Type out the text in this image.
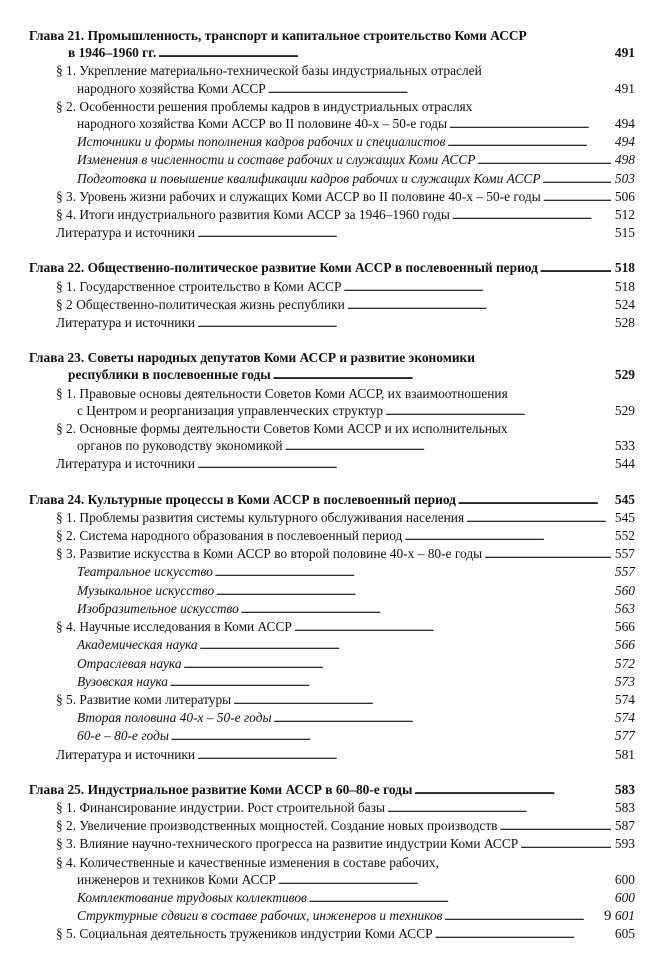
Глава 21. Промышленность, транспорт и капитальное строительство Коми АССР
в 1946–1960 гг. . . .	491
§ 1. Укрепление материально-технической базы индустриальных отраслей
народного хозяйства Коми АССР . . .	491
§ 2. Особенности решения проблемы кадров в индустриальных отраслях
народного хозяйства Коми АССР во II половине 40-х – 50-е годы . . .	494
Источники и формы пополнения кадров рабочих и специалистов . . .	494
Изменения в численности и составе рабочих и служащих Коми АССР . . .	498
Подготовка и повышение квалификации кадров рабочих и служащих Коми АССР . . .	503
§ 3. Уровень жизни рабочих и служащих Коми АССР во II половине 40-х – 50-е годы . . .	506
§ 4. Итоги индустриального развития Коми АССР за 1946–1960 годы . . .	512
Литература и источники . . .	515
Глава 22. Общественно-политическое развитие Коми АССР в послевоенный период . . .	518
§ 1. Государственное строительство в Коми АССР . . .	518
§ 2 Общественно-политическая жизнь республики . . .	524
Литература и источники . . .	528
Глава 23. Советы народных депутатов Коми АССР и развитие экономики
республики в послевоенные годы . . .	529
§ 1. Правовые основы деятельности Советов Коми АССР, их взаимоотношения
с Центром и реорганизация управленческих структур . . .	529
§ 2. Основные формы деятельности Советов Коми АССР и их исполнительных
органов по руководству экономикой . . .	533
Литература и источники . . .	544
Глава 24. Культурные процессы в Коми АССР в послевоенный период . . .	545
§ 1. Проблемы развития системы культурного обслуживания населения . . .	545
§ 2. Система народного образования в послевоенный период . . .	552
§ 3. Развитие искусства в Коми АССР во второй половине 40-х – 80-е годы . . .	557
Театральное искусство . . .	557
Музыкальное искусство . . .	560
Изобразительное искусство . . .	563
§ 4. Научные исследования в Коми АССР . . .	566
Академическая наука . . .	566
Отраслевая наука . . .	572
Вузовская наука . . .	573
§ 5. Развитие коми литературы . . .	574
Вторая половина 40-х – 50-е годы . . .	574
60-е – 80-е годы . . .	577
Литература и источники . . .	581
Глава 25. Индустриальное развитие Коми АССР в 60–80-е годы . . .	583
§ 1. Финансирование индустрии. Рост строительной базы . . .	583
§ 2. Увеличение производственных мощностей. Создание новых производств . . .	587
§ 3. Влияние научно-технического прогресса на развитие индустрии Коми АССР . . .	593
§ 4. Количественные и качественные изменения в составе рабочих,
инженеров и техников Коми АССР . . .	600
Комплектование трудовых коллективов . . .	600
Структурные сдвиги в составе рабочих, инженеров и техников . . .	601
§ 5. Социальная деятельность тружеников индустрии Коми АССР . . .	605
9
